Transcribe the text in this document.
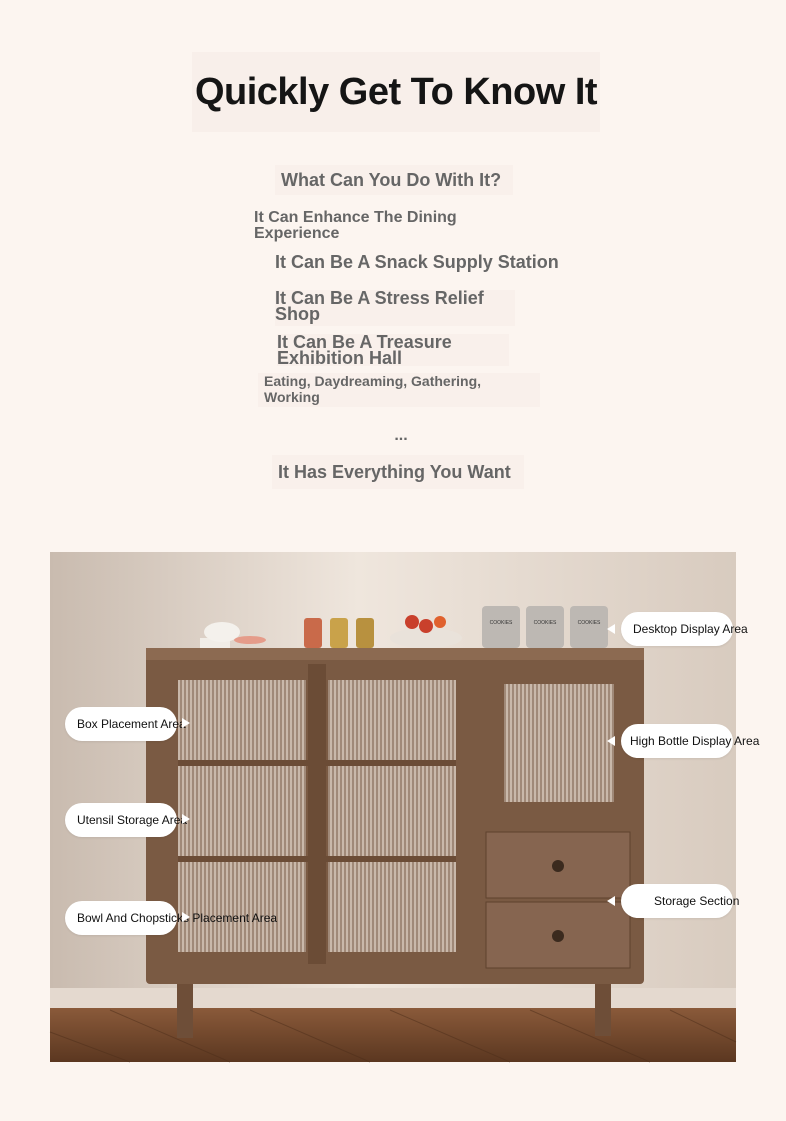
Quickly Get To Know It
What Can You Do With It?
It Can Enhance The Dining Experience
It Can Be A Snack Supply Station
It Can Be A Stress Relief Shop
It Can Be A Treasure Exhibition Hall
Eating, Daydreaming, Gathering, Working
...
It Has Everything You Want
COOKIES	COOKIES	COOKIES	Desktop Display Area
Box Placement Area
High Bottle Display Area
Utensil Storage Area
Bowl And Chopsticks Placement Area
Storage Section
